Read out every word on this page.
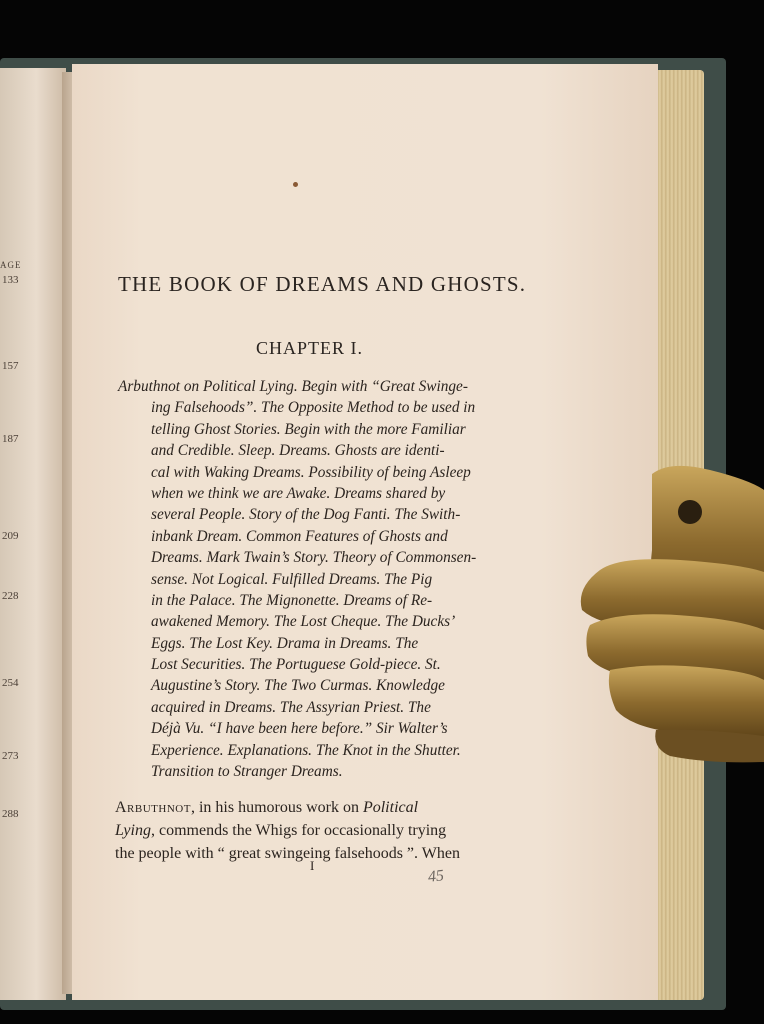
AGE
133
157
187
209
228
254
273
288
THE BOOK OF DREAMS AND GHOSTS.
CHAPTER I.
Arbuthnot on Political Lying. Begin with “Great Swinge-
ing Falsehoods”. The Opposite Method to be used in
telling Ghost Stories. Begin with the more Familiar
and Credible. Sleep. Dreams. Ghosts are identi-
cal with Waking Dreams. Possibility of being Asleep
when we think we are Awake. Dreams shared by
several People. Story of the Dog Fanti. The Swith-
inbank Dream. Common Features of Ghosts and
Dreams. Mark Twain’s Story. Theory of Commonsen-
sense. Not Logical. Fulfilled Dreams. The Pig
in the Palace. The Mignonette. Dreams of Re-
awakened Memory. The Lost Cheque. The Ducks’
Eggs. The Lost Key. Drama in Dreams. The
Lost Securities. The Portuguese Gold-piece. St.
Augustine’s Story. The Two Curmas. Knowledge
acquired in Dreams. The Assyrian Priest. The
Déjà Vu. “I have been here before.” Sir Walter’s
Experience. Explanations. The Knot in the Shutter.
Transition to Stranger Dreams.
Arbuthnot, in his humorous work on Political
Lying, commends the Whigs for occasionally trying
the people with “ great swingeing falsehoods ”. When
I
45
